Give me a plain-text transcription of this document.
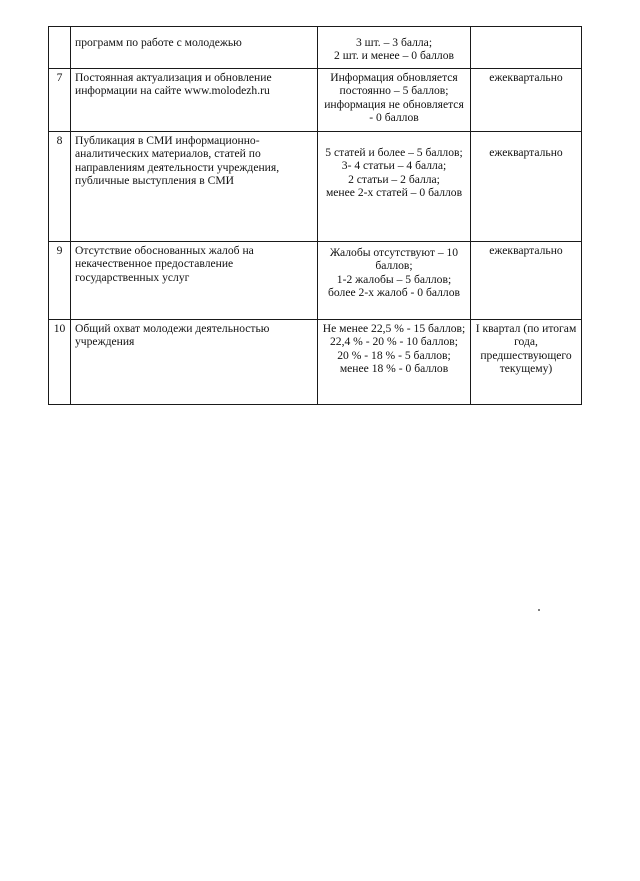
	программ по работе с молодежью	3 шт. – 3 балла;
2 шт. и менее – 0 баллов	

7	Постоянная актуализация и обновление информации на сайте www.molodezh.ru	Информация обновляется постоянно – 5 баллов;
информация не обновляется - 0 баллов	ежеквартально
8	Публикация в СМИ информационно-аналитических материалов, статей по направлениям деятельности учреждения, публичные выступления в СМИ	5 статей и более – 5 баллов;
3- 4 статьи – 4 балла;
2 статьи – 2 балла;
менее 2-х статей – 0 баллов	ежеквартально
9	Отсутствие обоснованных жалоб на некачественное предоставление государственных услуг	Жалобы отсутствуют – 10 баллов;
1-2 жалобы – 5 баллов;
более 2-х жалоб - 0 баллов	ежеквартально
10	Общий охват молодежи деятельностью учреждения	Не менее 22,5 % - 15 баллов;
22,4 % - 20 % - 10 баллов;
20 % - 18 % - 5 баллов;
менее 18 % - 0 баллов	I квартал (по итогам года, предшествующего текущему)
